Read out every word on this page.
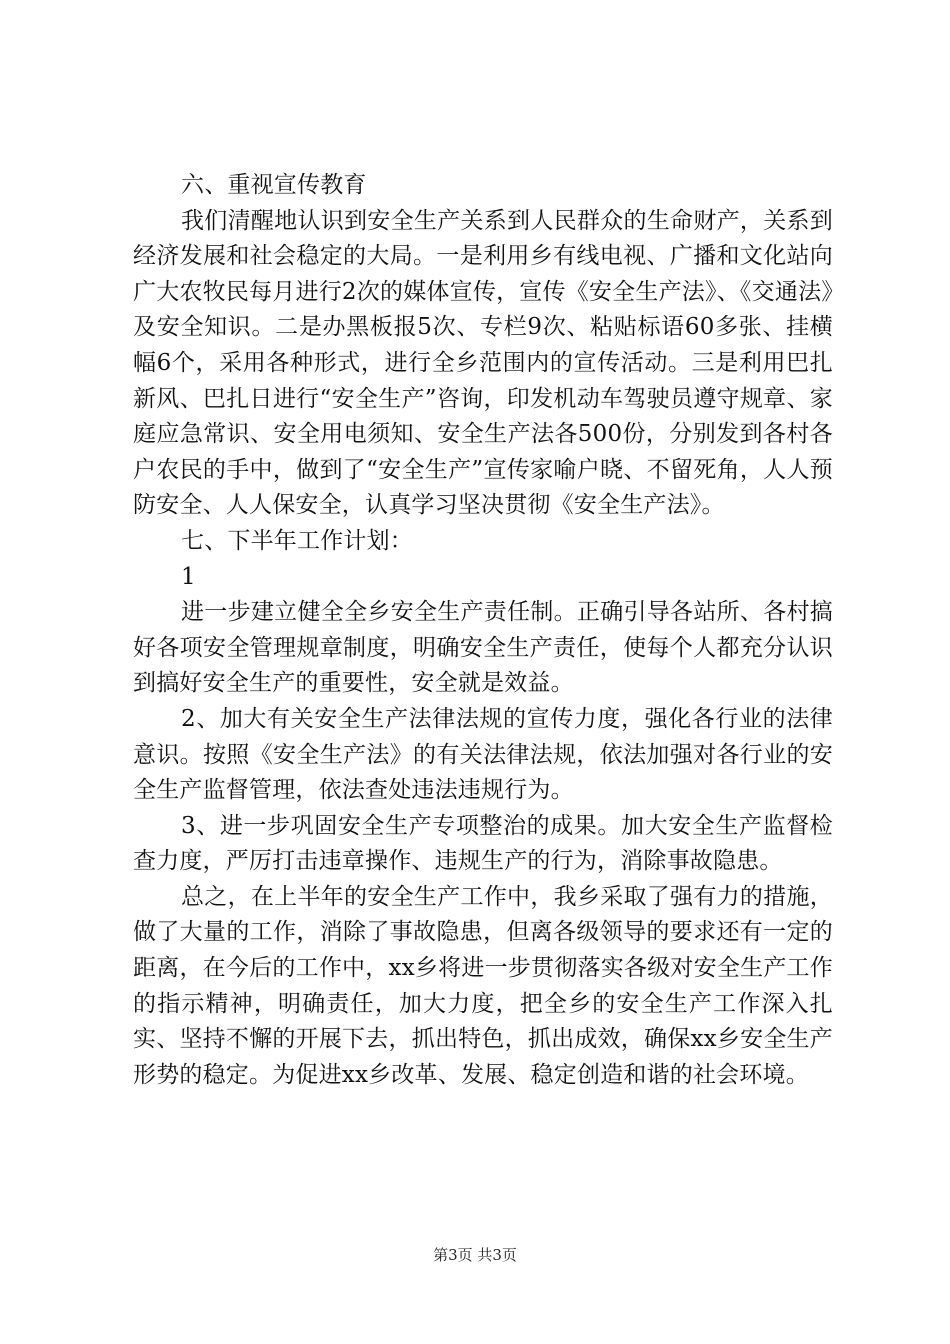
六、重视宣传教育

我们清醒地认识到安全生产关系到人民群众的生命财产，关系到经济发展和社会稳定的大局。一是利用乡有线电视、广播和文化站向广大农牧民每月进行2次的媒体宣传，宣传《安全生产法》、《交通法》及安全知识。二是办黑板报5次、专栏9次、粘贴标语60多张、挂横幅6个，采用各种形式，进行全乡范围内的宣传活动。三是利用巴扎新风、巴扎日进行“安全生产”咨询，印发机动车驾驶员遵守规章、家庭应急常识、安全用电须知、安全生产法各500份，分别发到各村各户农民的手中，做到了“安全生产”宣传家喻户晓、不留死角，人人预防安全、人人保安全，认真学习坚决贯彻《安全生产法》。

七、下半年工作计划：

1

进一步建立健全全乡安全生产责任制。正确引导各站所、各村搞好各项安全管理规章制度，明确安全生产责任，使每个人都充分认识到搞好安全生产的重要性，安全就是效益。

2、加大有关安全生产法律法规的宣传力度，强化各行业的法律意识。按照《安全生产法》的有关法律法规，依法加强对各行业的安全生产监督管理，依法查处违法违规行为。

3、进一步巩固安全生产专项整治的成果。加大安全生产监督检查力度，严厉打击违章操作、违规生产的行为，消除事故隐患。

总之，在上半年的安全生产工作中，我乡采取了强有力的措施，做了大量的工作，消除了事故隐患，但离各级领导的要求还有一定的距离，在今后的工作中，xx乡将进一步贯彻落实各级对安全生产工作的指示精神，明确责任，加大力度，把全乡的安全生产工作深入扎实、坚持不懈的开展下去，抓出特色，抓出成效，确保xx乡安全生产形势的稳定。为促进xx乡改革、发展、稳定创造和谐的社会环境。

第3页 共3页
